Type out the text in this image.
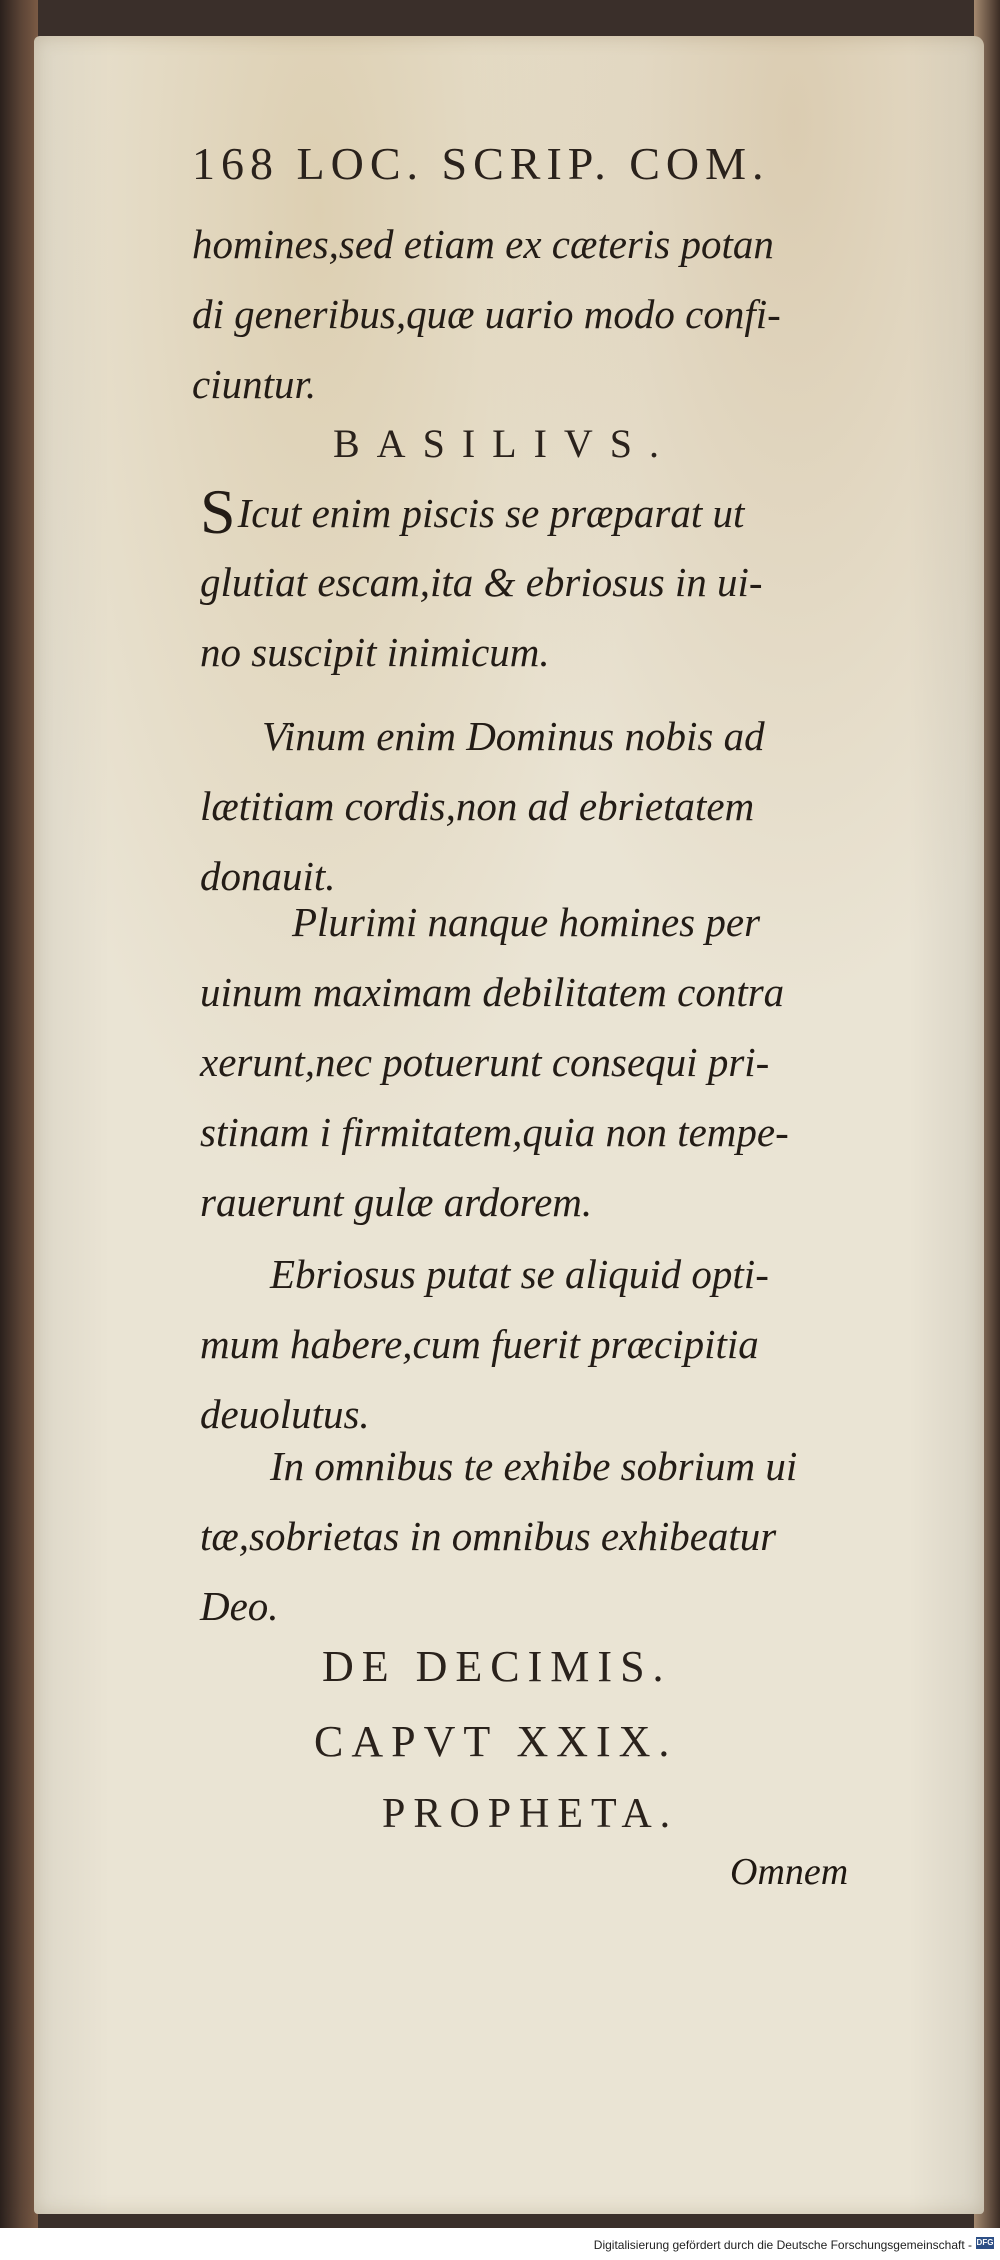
168 LOC. SCRIP. COM.
homines,sed etiam ex cæteris potan
di generibus,quæ uario modo confi-
ciuntur.
BASILIVS.
SIcut enim piscis se præparat ut
glutiat escam,ita & ebriosus in ui-
no suscipit inimicum.
Vinum enim Dominus nobis ad
lætitiam cordis,non ad ebrietatem
donauit.
Plurimi nanque homines per
uinum maximam debilitatem contra
xerunt,nec potuerunt consequi pri-
stinam i firmitatem,quia non tempe-
rauerunt gulæ ardorem.
Ebriosus putat se aliquid opti-
mum habere,cum fuerit præcipitia
deuolutus.
In omnibus te exhibe sobrium ui
tæ,sobrietas in omnibus exhibeatur
Deo.
DE DECIMIS.
CAPVT XXIX.
PROPHETA.
Omnem
Digitalisierung gefördert durch die Deutsche Forschungsgemeinschaft - DFG
